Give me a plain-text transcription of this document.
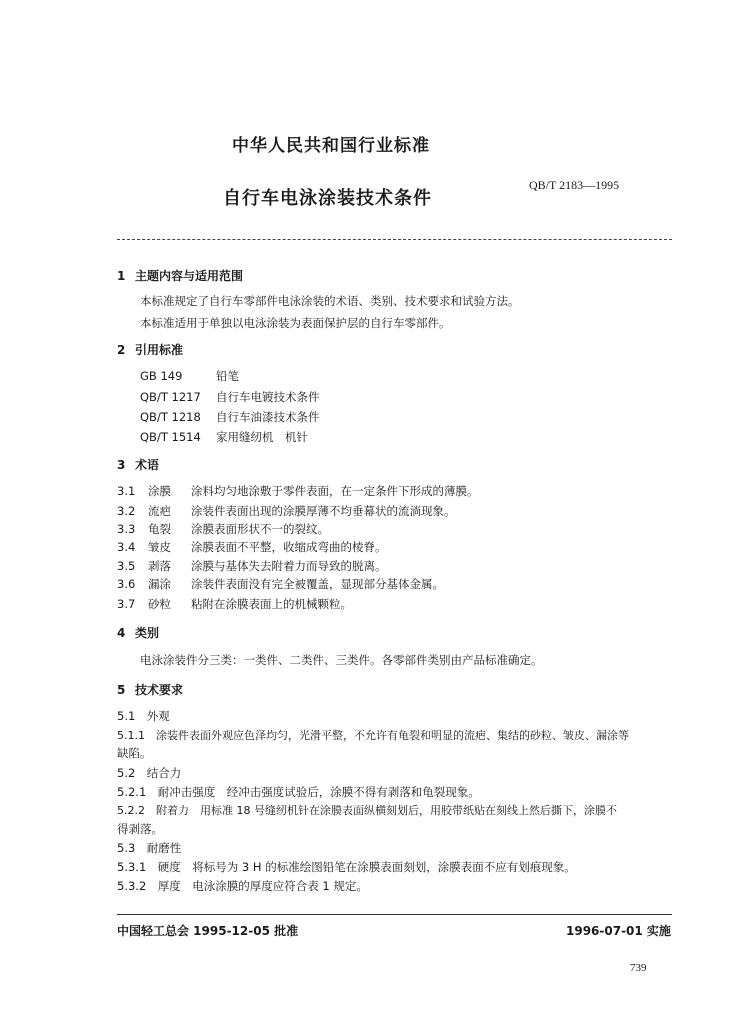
中华人民共和国行业标准
自行车电泳涂装技术条件
QB/T 2183—1995
1 主题内容与适用范围
本标准规定了自行车零部件电泳涂装的术语、类别、技术要求和试验方法。
本标准适用于单独以电泳涂装为表面保护层的自行车零部件。
2 引用标准
GB 149	铅笔
QB/T 1217 自行车电镀技术条件
QB/T 1218 自行车油漆技术条件
QB/T 1514 家用缝纫机　机针
3 术语
3.1 涂膜 涂料均匀地涂敷于零件表面，在一定条件下形成的薄膜。
3.2 流疤 涂装件表面出现的涂膜厚薄不均垂幕状的流淌现象。
3.3 龟裂 涂膜表面形状不一的裂纹。
3.4 皱皮 涂膜表面不平整，收缩成弯曲的棱脊。
3.5 剥落 涂膜与基体失去附着力而导致的脱离。
3.6 漏涂 涂装件表面没有完全被覆盖，显现部分基体金属。
3.7 砂粒 粘附在涂膜表面上的机械颗粒。
4 类别
电泳涂装件分三类：一类件、二类件、三类件。各零部件类别由产品标准确定。
5 技术要求
5.1　外观
5.1.1　涂装件表面外观应色泽均匀，光滑平整，不允许有龟裂和明显的流疤、集结的砂粒、皱皮、漏涂等
缺陷。
5.2　结合力
5.2.1　耐冲击强度　经冲击强度试验后，涂膜不得有剥落和龟裂现象。
5.2.2　附着力　用标准 18 号缝纫机针在涂膜表面纵横刻划后，用胶带纸贴在刻线上然后撕下，涂膜不
得剥落。
5.3　耐磨性
5.3.1　硬度　将标号为 3 H 的标准绘图铅笔在涂膜表面刻划，涂膜表面不应有划痕现象。
5.3.2　厚度　电泳涂膜的厚度应符合表 1 规定。
中国轻工总会 1995-12-05 批准	1996-07-01 实施
739
